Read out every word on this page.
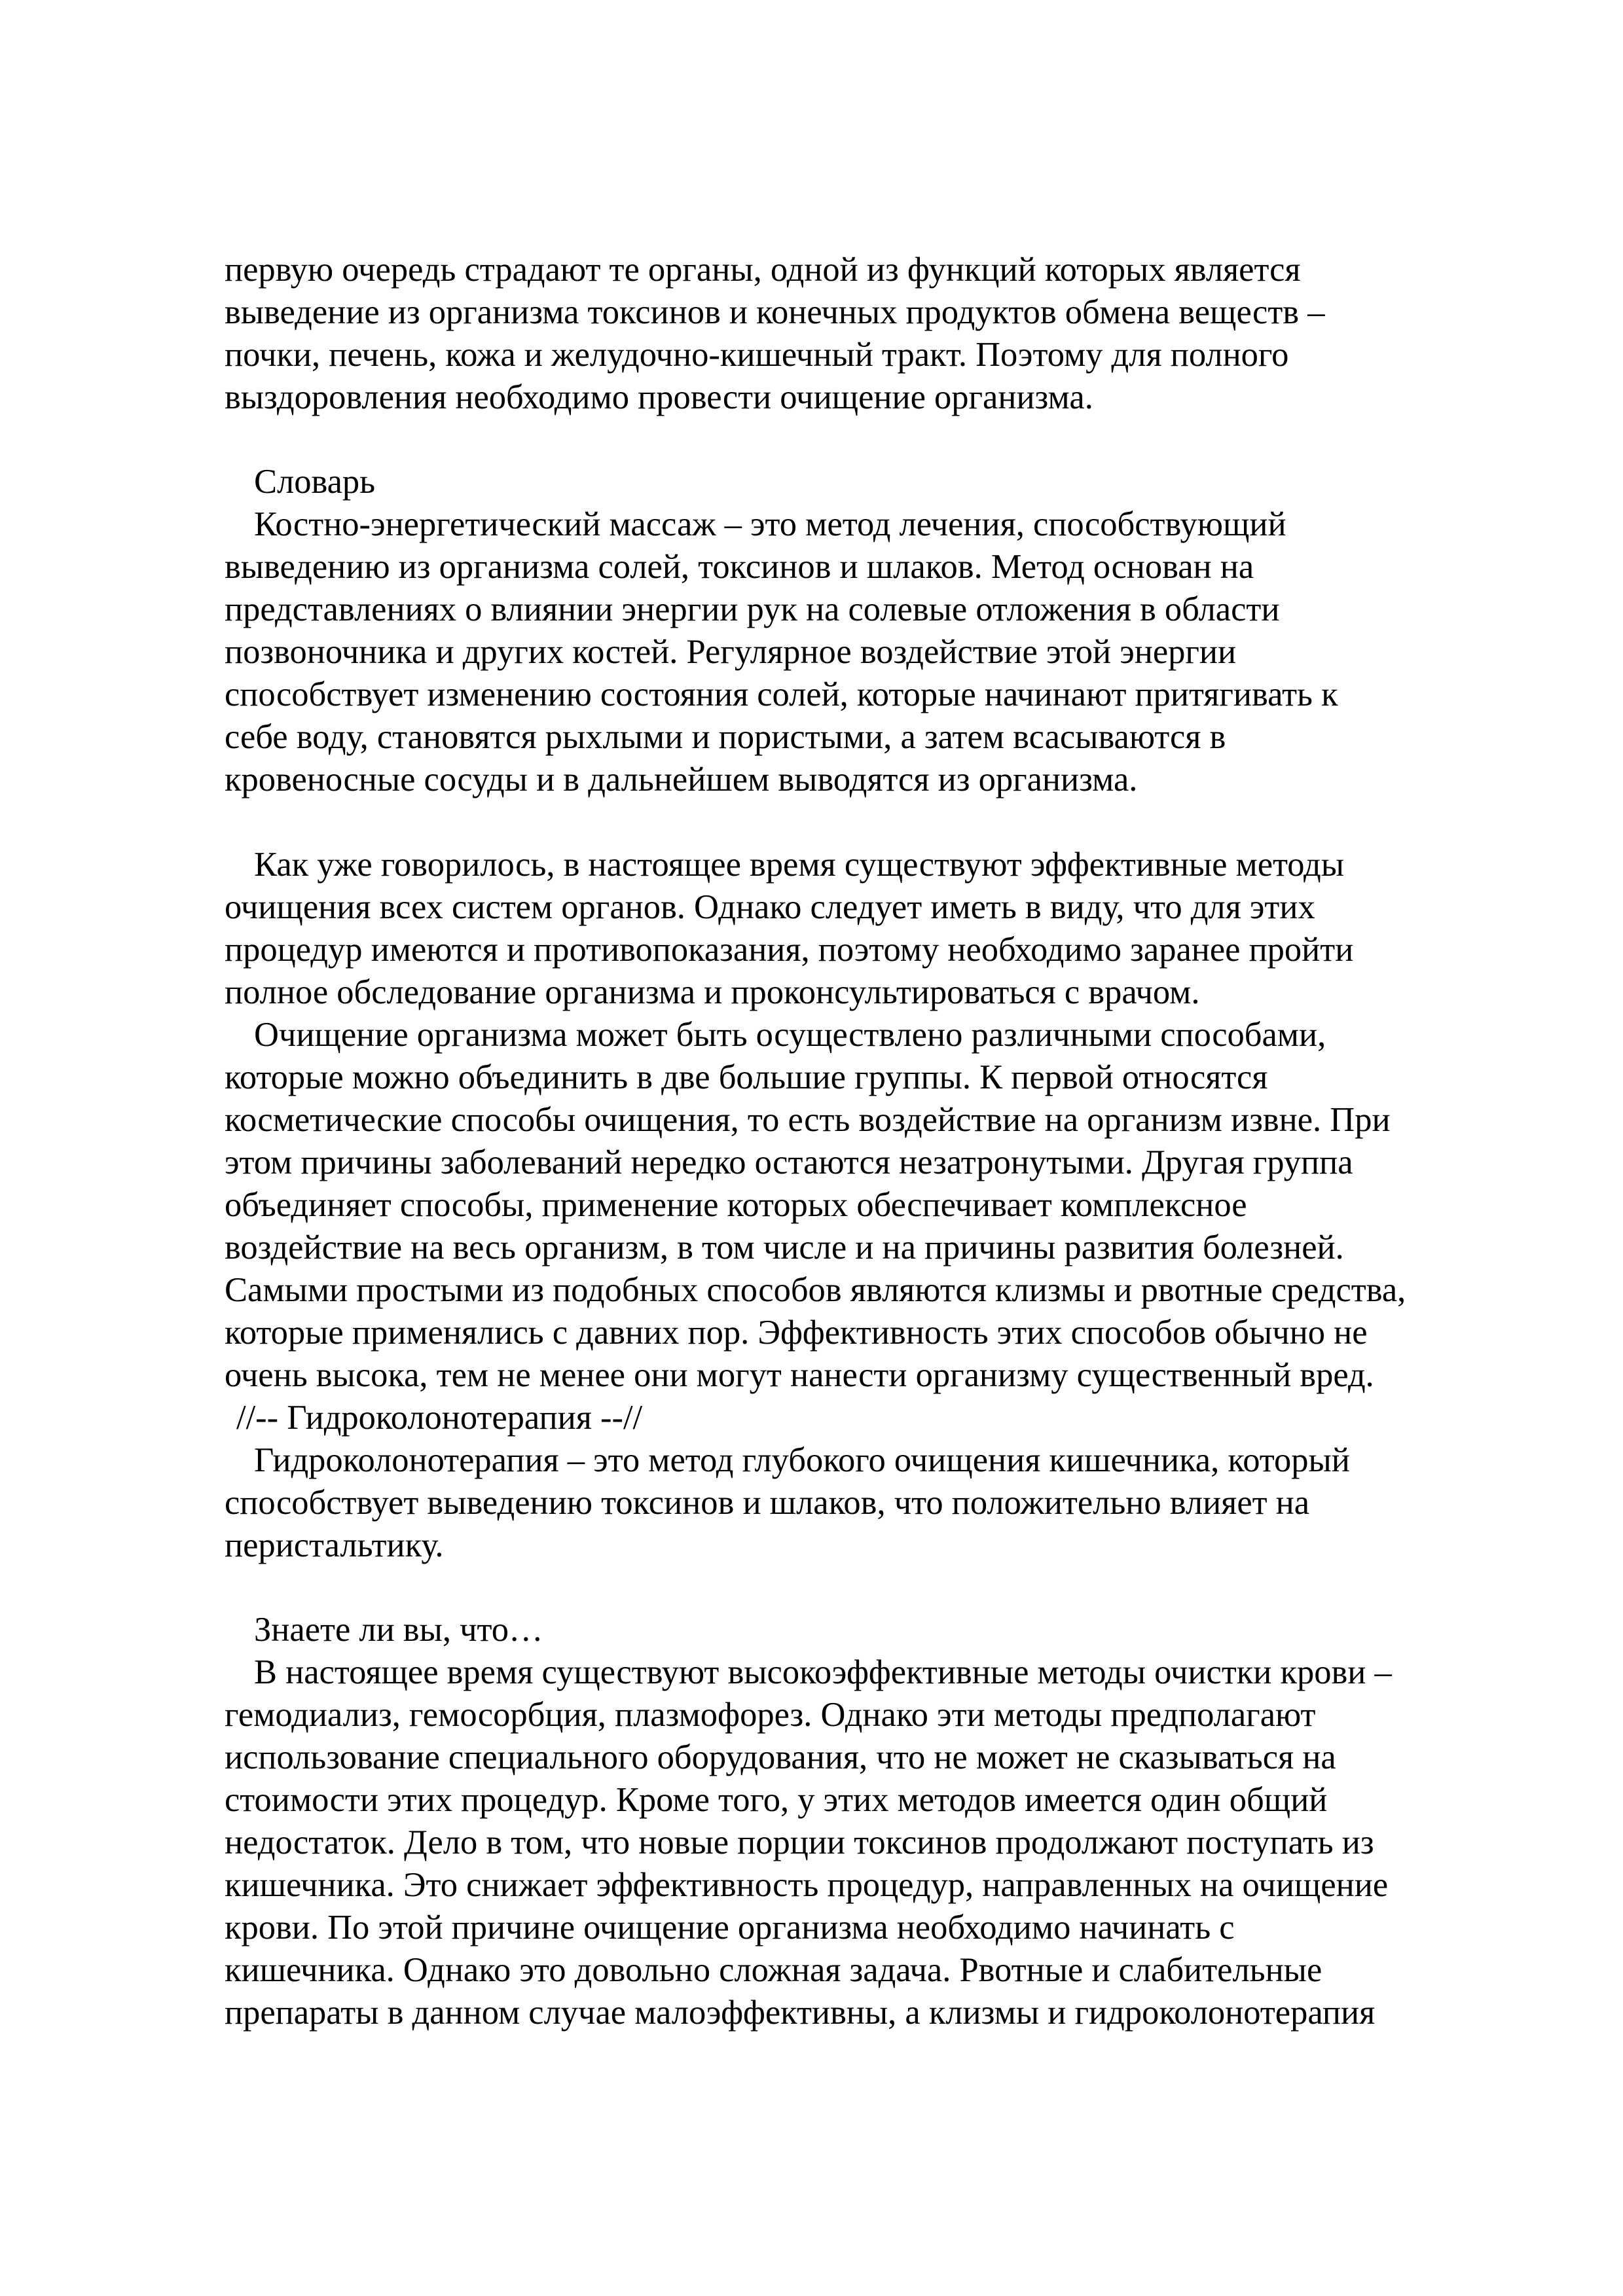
первую очередь страдают те органы, одной из функций которых является
выведение из организма токсинов и конечных продуктов обмена веществ –
почки, печень, кожа и желудочно-кишечный тракт. Поэтому для полного
выздоровления необходимо провести очищение организма.
Словарь
Костно-энергетический массаж – это метод лечения, способствующий
выведению из организма солей, токсинов и шлаков. Метод основан на
представлениях о влиянии энергии рук на солевые отложения в области
позвоночника и других костей. Регулярное воздействие этой энергии
способствует изменению состояния солей, которые начинают притягивать к
себе воду, становятся рыхлыми и пористыми, а затем всасываются в
кровеносные сосуды и в дальнейшем выводятся из организма.
Как уже говорилось, в настоящее время существуют эффективные методы
очищения всех систем органов. Однако следует иметь в виду, что для этих
процедур имеются и противопоказания, поэтому необходимо заранее пройти
полное обследование организма и проконсультироваться с врачом.
Очищение организма может быть осуществлено различными способами,
которые можно объединить в две большие группы. К первой относятся
косметические способы очищения, то есть воздействие на организм извне. При
этом причины заболеваний нередко остаются незатронутыми. Другая группа
объединяет способы, применение которых обеспечивает комплексное
воздействие на весь организм, в том числе и на причины развития болезней.
Самыми простыми из подобных способов являются клизмы и рвотные средства,
которые применялись с давних пор. Эффективность этих способов обычно не
очень высока, тем не менее они могут нанести организму существенный вред.
//-- Гидроколонотерапия --//
Гидроколонотерапия – это метод глубокого очищения кишечника, который
способствует выведению токсинов и шлаков, что положительно влияет на
перистальтику.
Знаете ли вы, что…
В настоящее время существуют высокоэффективные методы очистки крови –
гемодиализ, гемосорбция, плазмофорез. Однако эти методы предполагают
использование специального оборудования, что не может не сказываться на
стоимости этих процедур. Кроме того, у этих методов имеется один общий
недостаток. Дело в том, что новые порции токсинов продолжают поступать из
кишечника. Это снижает эффективность процедур, направленных на очищение
крови. По этой причине очищение организма необходимо начинать с
кишечника. Однако это довольно сложная задача. Рвотные и слабительные
препараты в данном случае малоэффективны, а клизмы и гидроколонотерапия
